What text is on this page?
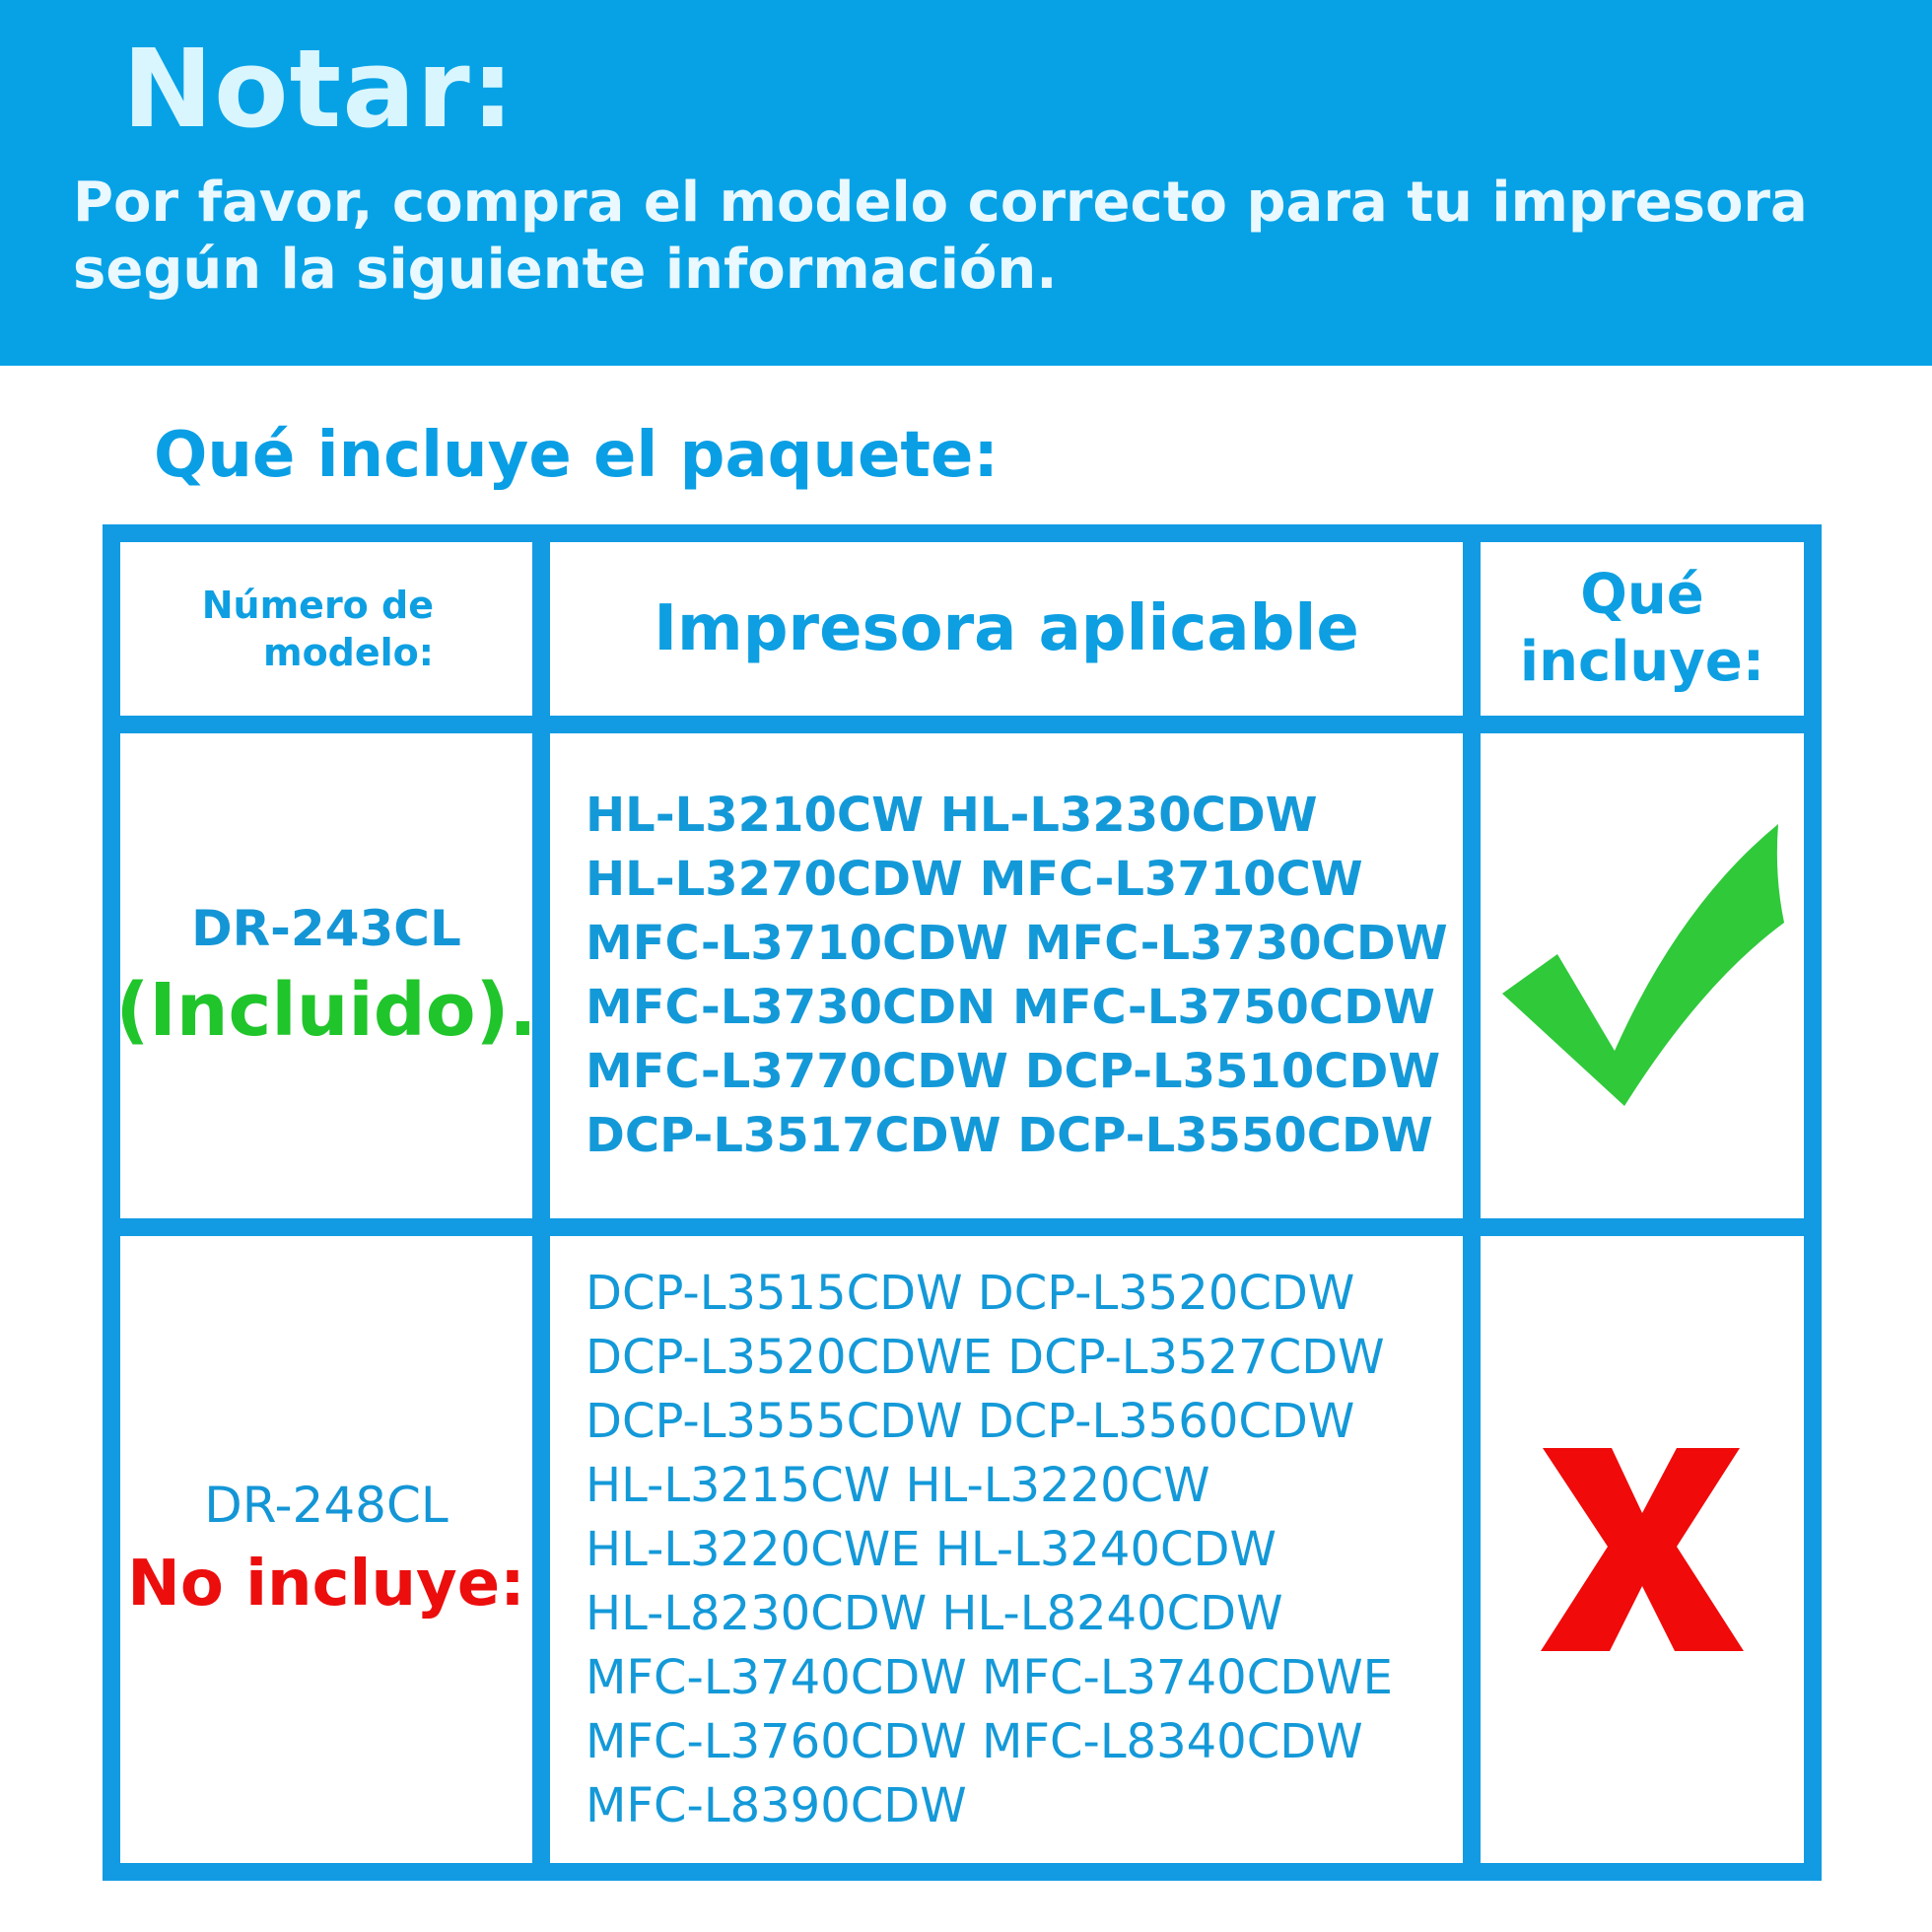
Notar:
Por favor, compra el modelo correcto para tu impresora
según la siguiente información.
Qué incluye el paquete:
Número de
modelo:	Impresora aplicable	Qué
incluye:
DR-243CL
(Incluido).
HL-L3210CW HL-L3230CDW
HL-L3270CDW MFC-L3710CW
MFC-L3710CDW MFC-L3730CDW
MFC-L3730CDN MFC-L3750CDW
MFC-L3770CDW DCP-L3510CDW
DCP-L3517CDW DCP-L3550CDW
DR-248CL
No incluye:
DCP-L3515CDW DCP-L3520CDW
DCP-L3520CDWE DCP-L3527CDW
DCP-L3555CDW DCP-L3560CDW
HL-L3215CW HL-L3220CW
HL-L3220CWE HL-L3240CDW
HL-L8230CDW HL-L8240CDW
MFC-L3740CDW MFC-L3740CDWE
MFC-L3760CDW MFC-L8340CDW
MFC-L8390CDW
